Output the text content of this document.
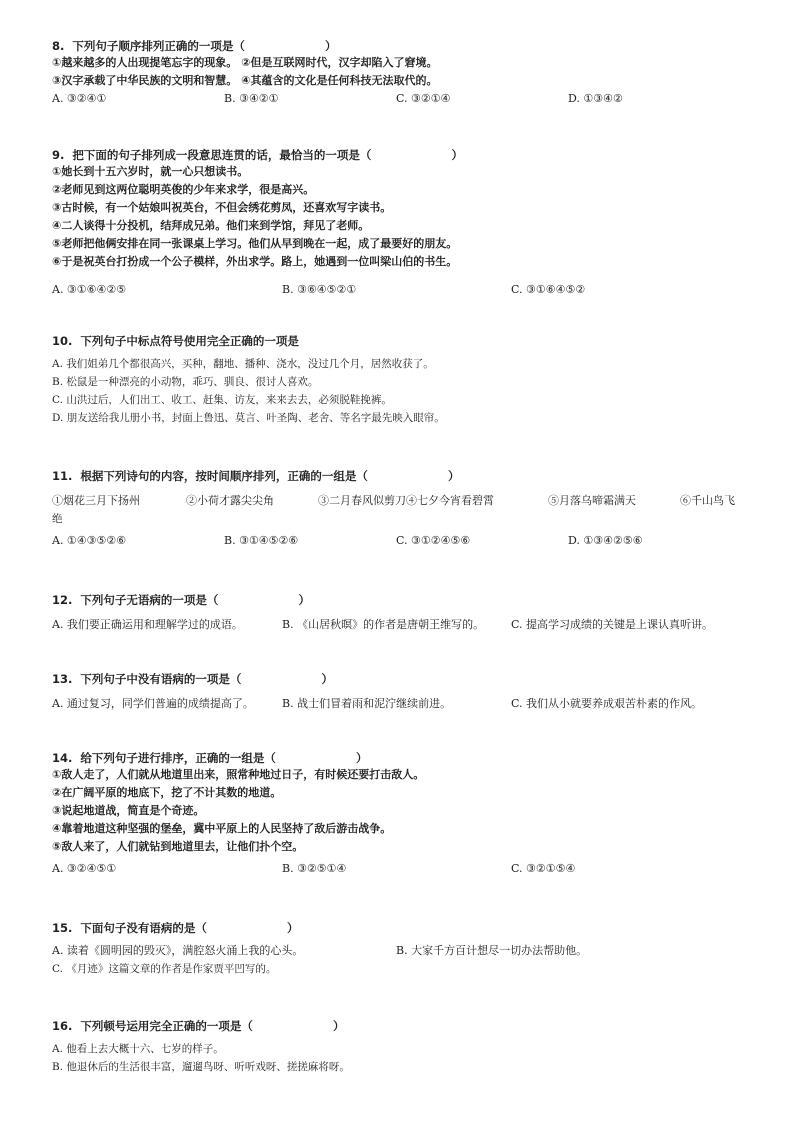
8.  下列句子顺序排列正确的一项是（                    ）
①越来越多的人出现提笔忘字的现象。 ②但是互联网时代，汉字却陷入了窘境。
③汉字承载了中华民族的文明和智慧。 ④其蕴含的文化是任何科技无法取代的。
A. ③②④①	B. ③④②①	C. ③②①④	D. ①③④②
9.  把下面的句子排列成一段意思连贯的话，最恰当的一项是（                    ）
①她长到十五六岁时，就一心只想读书。
②老师见到这两位聪明英俊的少年来求学，很是高兴。
③古时候，有一个姑娘叫祝英台，不但会绣花剪凤，还喜欢写字读书。
④二人谈得十分投机，结拜成兄弟。他们来到学馆，拜见了老师。
⑤老师把他俩安排在同一张课桌上学习。他们从早到晚在一起，成了最要好的朋友。
⑥于是祝英台打扮成一个公子模样，外出求学。路上，她遇到一位叫梁山伯的书生。
A. ③①⑥④②⑤	B. ③⑥④⑤②①	C. ③①⑥④⑤②
10.  下列句子中标点符号使用完全正确的一项是
A. 我们姐弟几个都很高兴，买种，翻地、播种、浇水，没过几个月，居然收获了。
B. 松鼠是一种漂亮的小动物，乖巧、驯良、很讨人喜欢。
C. 山洪过后，人们出工、收工、赶集、访友，来来去去，必须脱鞋挽裤。
D. 朋友送给我儿册小书，封面上鲁迅、莫言、叶圣陶、老舍、等名字最先映入眼帘。
11.  根据下列诗句的内容，按时间顺序排列，正确的一组是（                    ）
①烟花三月下扬州	②小荷才露尖尖角	③二月春风似剪刀④七夕今宵看碧霄	⑤月落乌啼霜满天	⑥千山鸟飞
绝
A. ①④③⑤②⑥	B. ③①④⑤②⑥	C. ③①②④⑤⑥	D. ①③④②⑤⑥
12.  下列句子无语病的一项是（                    ）
A. 我们要正确运用和理解学过的成语。	B. 《山居秋暝》的作者是唐朝王维写的。 C. 提高学习成绩的关键是上课认真听讲。
13.  下列句子中没有语病的一项是（                    ）
A. 通过复习，同学们普遍的成绩提高了。	B. 战士们冒着雨和泥泞继续前进。	C. 我们从小就要养成艰苦朴素的作风。
14.  给下列句子进行排序，正确的一组是（                    ）
①敌人走了，人们就从地道里出来，照常种地过日子，有时候还要打击敌人。
②在广阔平原的地底下，挖了不计其数的地道。
③说起地道战，简直是个奇迹。
④靠着地道这种坚强的堡垒，冀中平原上的人民坚持了敌后游击战争。
⑤敌人来了，人们就钻到地道里去，让他们扑个空。
A. ③②④⑤①	B. ③②⑤①④	C. ③②①⑤④
15.  下面句子没有语病的是（                    ）
A. 读着《圆明园的毁灭》，满腔怒火涌上我的心头。	B. 大家千方百计想尽一切办法帮助他。
C. 《月迹》这篇文章的作者是作家贾平凹写的。
16.  下列顿号运用完全正确的一项是（                    ）
A. 他看上去大概十六、七岁的样子。
B. 他退休后的生活很丰富，遛遛鸟呀、听听戏呀、搓搓麻将呀。
